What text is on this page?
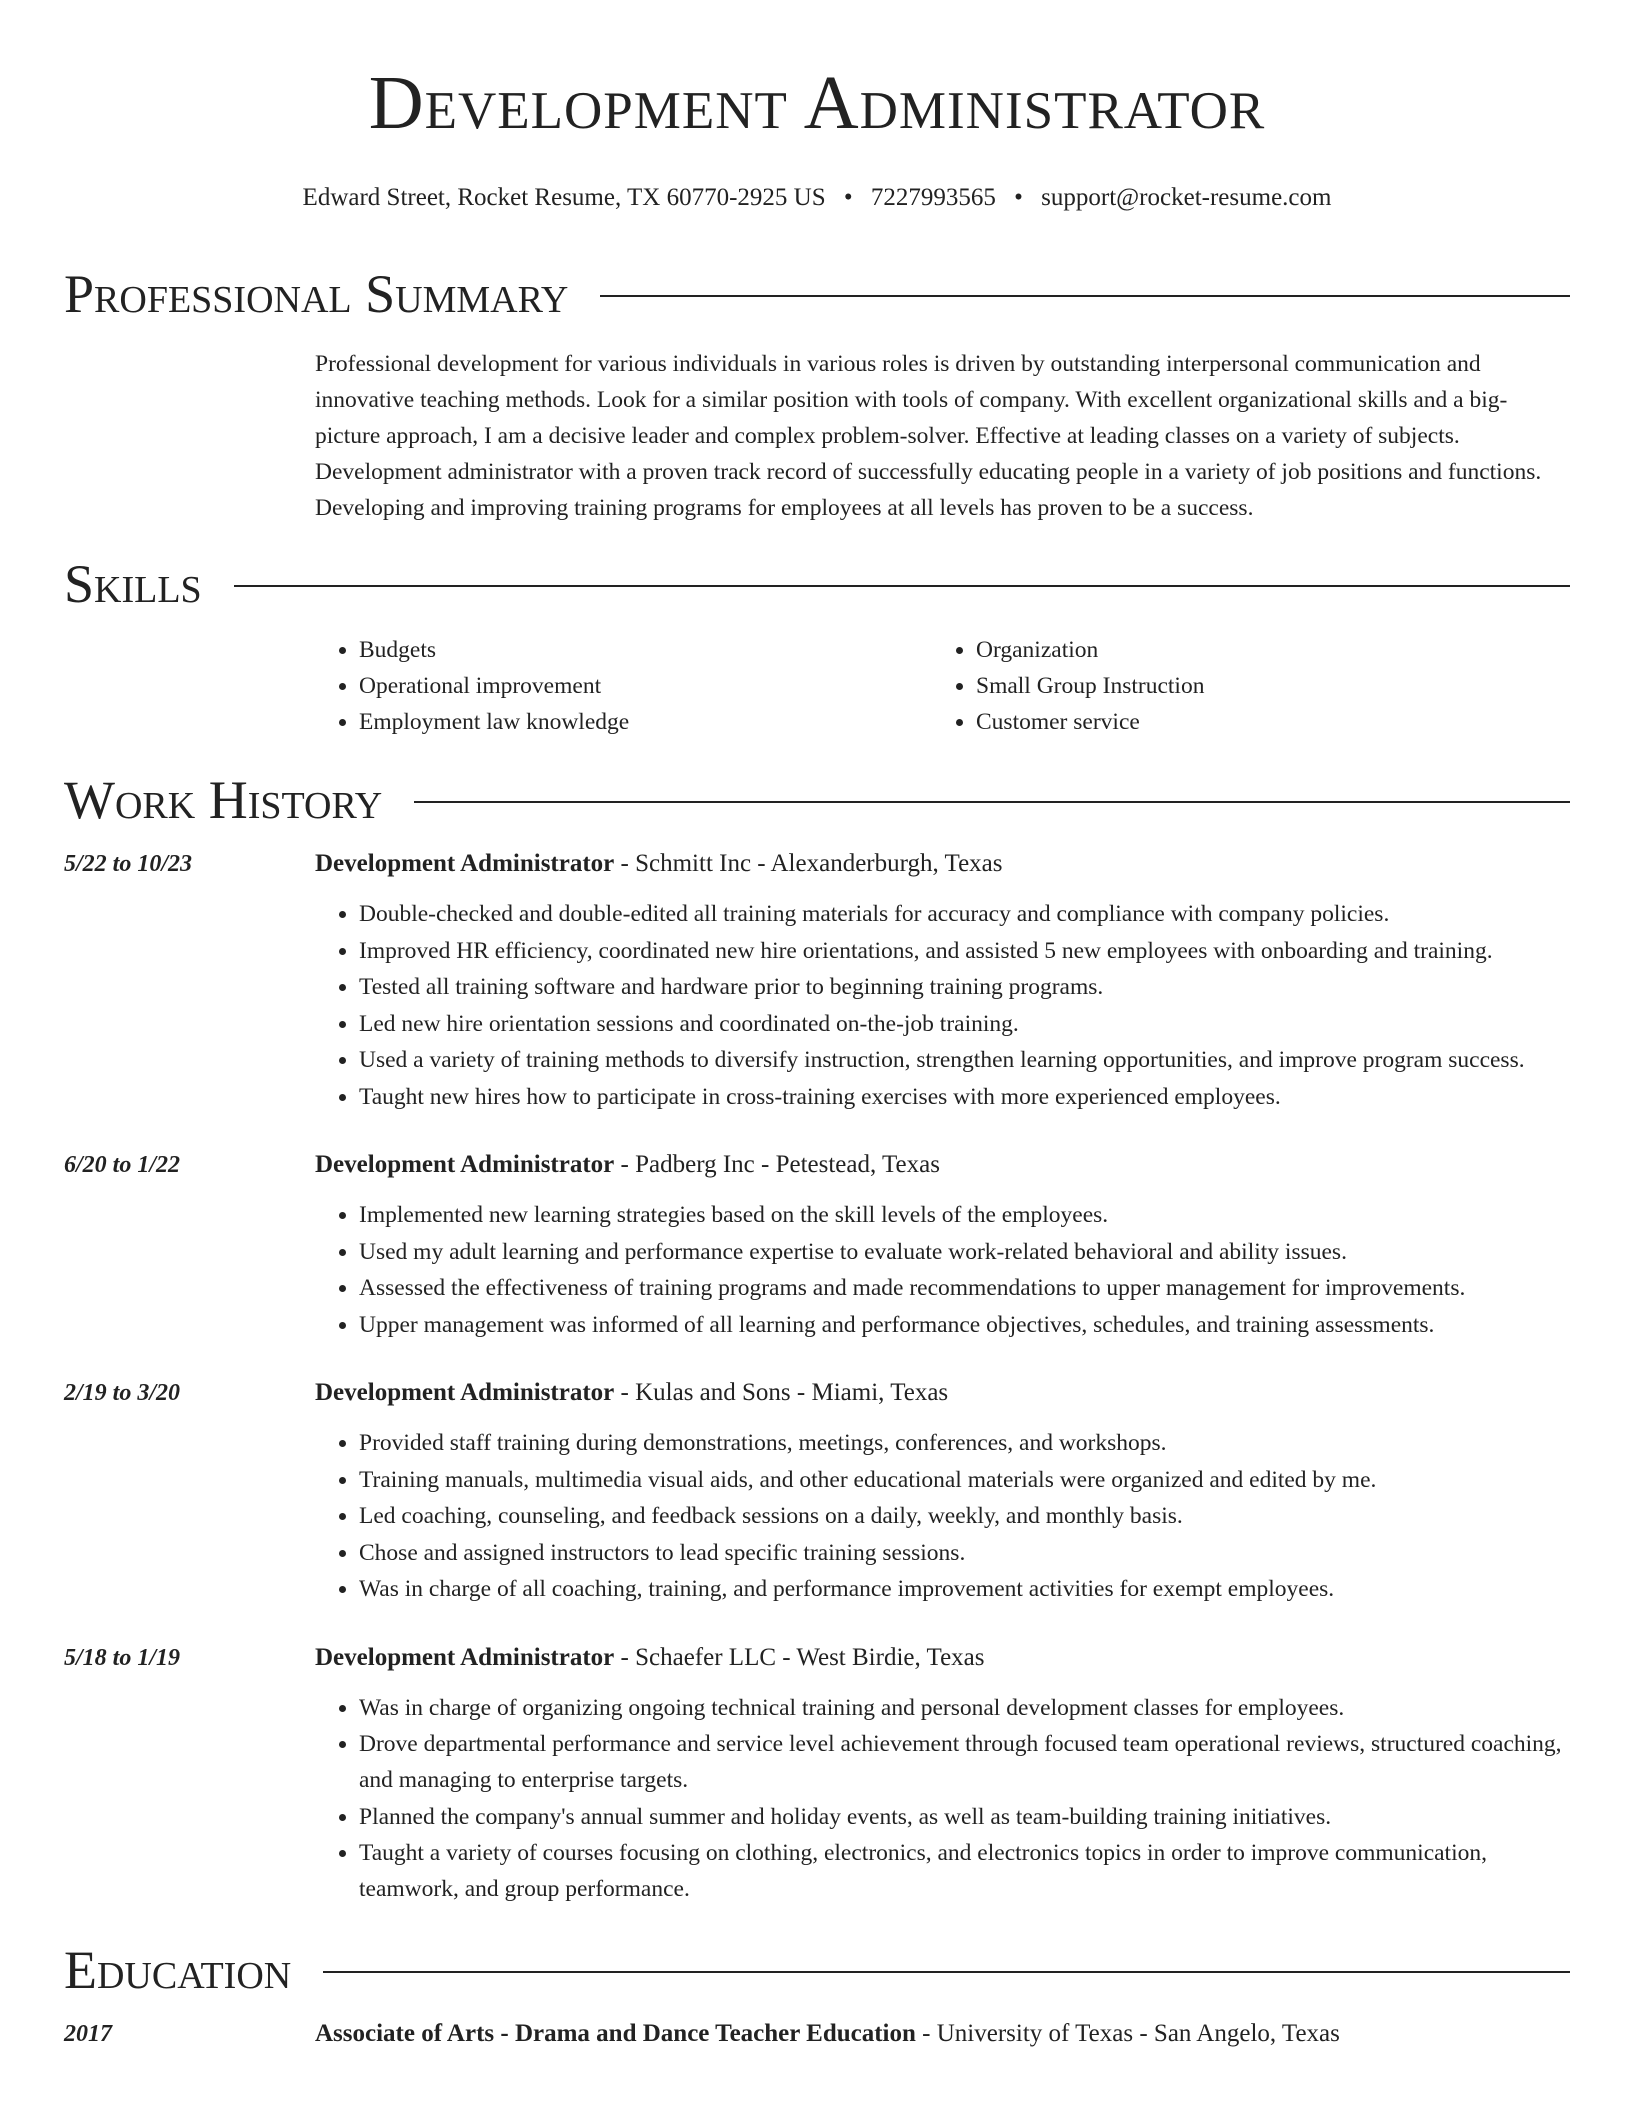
Development Administrator
Edward Street, Rocket Resume, TX 60770-2925 US • 7227993565 • support@rocket-resume.com
Professional Summary
Professional development for various individuals in various roles is driven by outstanding interpersonal communication and innovative teaching methods. Look for a similar position with tools of company. With excellent organizational skills and a big-picture approach, I am a decisive leader and complex problem-solver. Effective at leading classes on a variety of subjects. Development administrator with a proven track record of successfully educating people in a variety of job positions and functions. Developing and improving training programs for employees at all levels has proven to be a success.
Skills
• Budgets
• Operational improvement
• Employment law knowledge
• Organization
• Small Group Instruction
• Customer service
Work History
5/22 to 10/23	Development Administrator - Schmitt Inc - Alexanderburgh, Texas
• Double-checked and double-edited all training materials for accuracy and compliance with company policies.
• Improved HR efficiency, coordinated new hire orientations, and assisted 5 new employees with onboarding and training.
• Tested all training software and hardware prior to beginning training programs.
• Led new hire orientation sessions and coordinated on-the-job training.
• Used a variety of training methods to diversify instruction, strengthen learning opportunities, and improve program success.
• Taught new hires how to participate in cross-training exercises with more experienced employees.
6/20 to 1/22	Development Administrator - Padberg Inc - Petestead, Texas
• Implemented new learning strategies based on the skill levels of the employees.
• Used my adult learning and performance expertise to evaluate work-related behavioral and ability issues.
• Assessed the effectiveness of training programs and made recommendations to upper management for improvements.
• Upper management was informed of all learning and performance objectives, schedules, and training assessments.
2/19 to 3/20	Development Administrator - Kulas and Sons - Miami, Texas
• Provided staff training during demonstrations, meetings, conferences, and workshops.
• Training manuals, multimedia visual aids, and other educational materials were organized and edited by me.
• Led coaching, counseling, and feedback sessions on a daily, weekly, and monthly basis.
• Chose and assigned instructors to lead specific training sessions.
• Was in charge of all coaching, training, and performance improvement activities for exempt employees.
5/18 to 1/19	Development Administrator - Schaefer LLC - West Birdie, Texas
• Was in charge of organizing ongoing technical training and personal development classes for employees.
• Drove departmental performance and service level achievement through focused team operational reviews, structured coaching, and managing to enterprise targets.
• Planned the company's annual summer and holiday events, as well as team-building training initiatives.
• Taught a variety of courses focusing on clothing, electronics, and electronics topics in order to improve communication, teamwork, and group performance.
Education
2017	Associate of Arts - Drama and Dance Teacher Education - University of Texas - San Angelo, Texas
